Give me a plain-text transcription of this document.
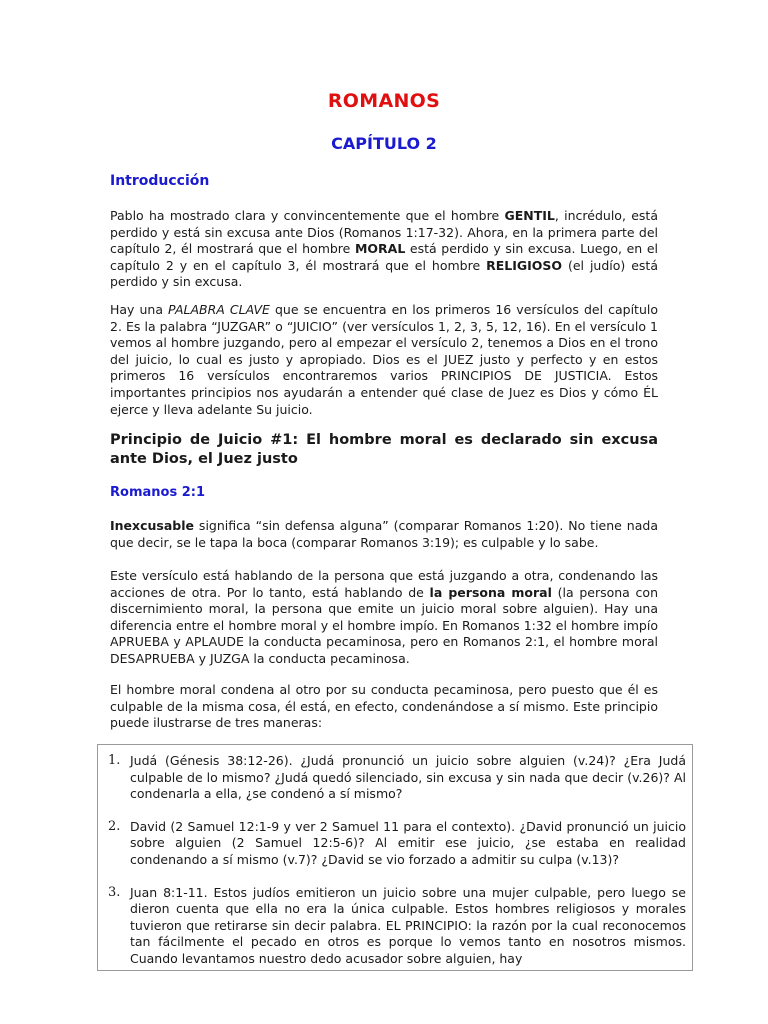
ROMANOS
CAPÍTULO 2
Introducción

Pablo ha mostrado clara y convincentemente que el hombre GENTIL, incrédulo, está perdido y está sin excusa ante Dios (Romanos 1:17-32). Ahora, en la primera parte del capítulo 2, él mostrará que el hombre MORAL está perdido y sin excusa. Luego, en el capítulo 2 y en el capítulo 3, él mostrará que el hombre RELIGIOSO (el judío) está perdido y sin excusa.

Hay una PALABRA CLAVE que se encuentra en los primeros 16 versículos del capítulo 2. Es la palabra “JUZGAR” o “JUICIO” (ver versículos 1, 2, 3, 5, 12, 16). En el versículo 1 vemos al hombre juzgando, pero al empezar el versículo 2, tenemos a Dios en el trono del juicio, lo cual es justo y apropiado. Dios es el JUEZ justo y perfecto y en estos primeros 16 versículos encontraremos varios PRINCIPIOS DE JUSTICIA. Estos importantes principios nos ayudarán a entender qué clase de Juez es Dios y cómo ÉL ejerce y lleva adelante Su juicio.

Principio de Juicio #1: El hombre moral es declarado sin excusa ante Dios, el Juez justo
Romanos 2:1

Inexcusable significa “sin defensa alguna” (comparar Romanos 1:20). No tiene nada que decir, se le tapa la boca (comparar Romanos 3:19); es culpable y lo sabe.

Este versículo está hablando de la persona que está juzgando a otra, condenando las acciones de otra. Por lo tanto, está hablando de la persona moral (la persona con discernimiento moral, la persona que emite un juicio moral sobre alguien). Hay una diferencia entre el hombre moral y el hombre impío. En Romanos 1:32 el hombre impío APRUEBA y APLAUDE la conducta pecaminosa, pero en Romanos 2:1, el hombre moral DESAPRUEBA y JUZGA la conducta pecaminosa.

El hombre moral condena al otro por su conducta pecaminosa, pero puesto que él es culpable de la misma cosa, él está, en efecto, condenándose a sí mismo. Este principio puede ilustrarse de tres maneras:

1. Judá (Génesis 38:12-26). ¿Judá pronunció un juicio sobre alguien (v.24)? ¿Era Judá culpable de lo mismo? ¿Judá quedó silenciado, sin excusa y sin nada que decir (v.26)? Al condenarla a ella, ¿se condenó a sí mismo?
2. David (2 Samuel 12:1-9 y ver 2 Samuel 11 para el contexto). ¿David pronunció un juicio sobre alguien (2 Samuel 12:5-6)? Al emitir ese juicio, ¿se estaba en realidad condenando a sí mismo (v.7)? ¿David se vio forzado a admitir su culpa (v.13)?
3. Juan 8:1-11. Estos judíos emitieron un juicio sobre una mujer culpable, pero luego se dieron cuenta que ella no era la única culpable. Estos hombres religiosos y morales tuvieron que retirarse sin decir palabra. EL PRINCIPIO: la razón por la cual reconocemos tan fácilmente el pecado en otros es porque lo vemos tanto en nosotros mismos. Cuando levantamos nuestro dedo acusador sobre alguien, hay
